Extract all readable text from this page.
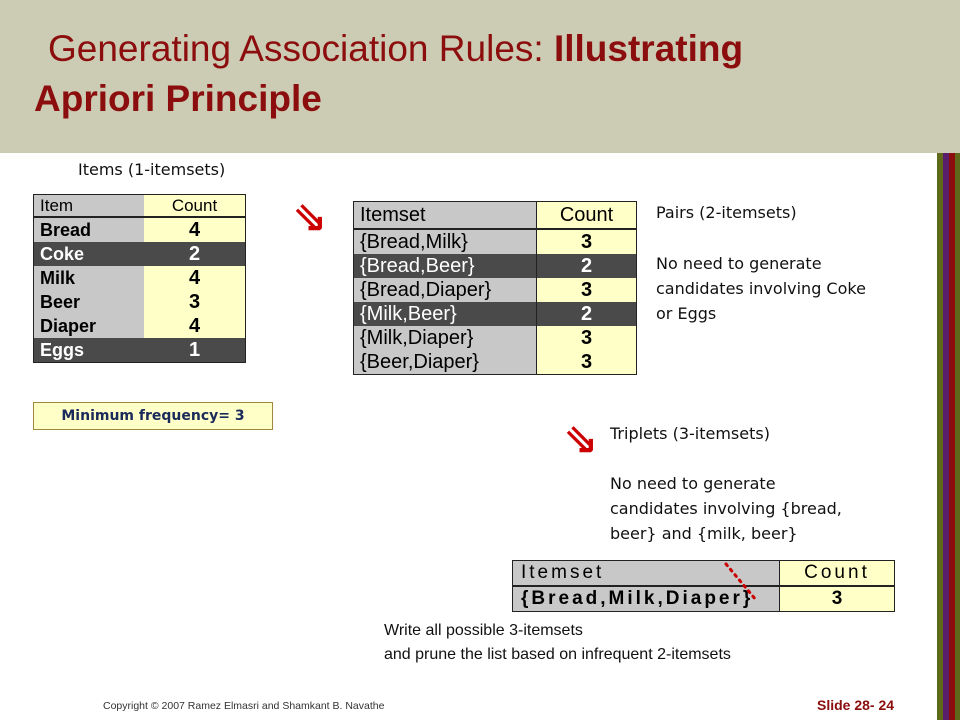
Generating Association Rules: Illustrating
Apriori Principle
Items (1-itemsets)
Item	Count
Bread	4
Coke	2
Milk	4
Beer	3
Diaper	4
Eggs	1
Minimum frequency= 3
⇘ Itemset	Count
{Bread,Milk}	3
{Bread,Beer}	2
{Bread,Diaper}	3
{Milk,Beer}	2
{Milk,Diaper}	3
{Beer,Diaper}	3
Pairs (2-itemsets)
No need to generate
candidates involving Coke
or Eggs
⇘ Triplets (3-itemsets)
No need to generate
candidates involving {bread,
beer} and {milk, beer}
Itemset	Count
{Bread,Milk,Diaper}	3
Write all possible 3-itemsets
and prune the list based on infrequent 2-itemsets
Copyright © 2007 Ramez Elmasri and Shamkant B. Navathe	Slide 28- 24
